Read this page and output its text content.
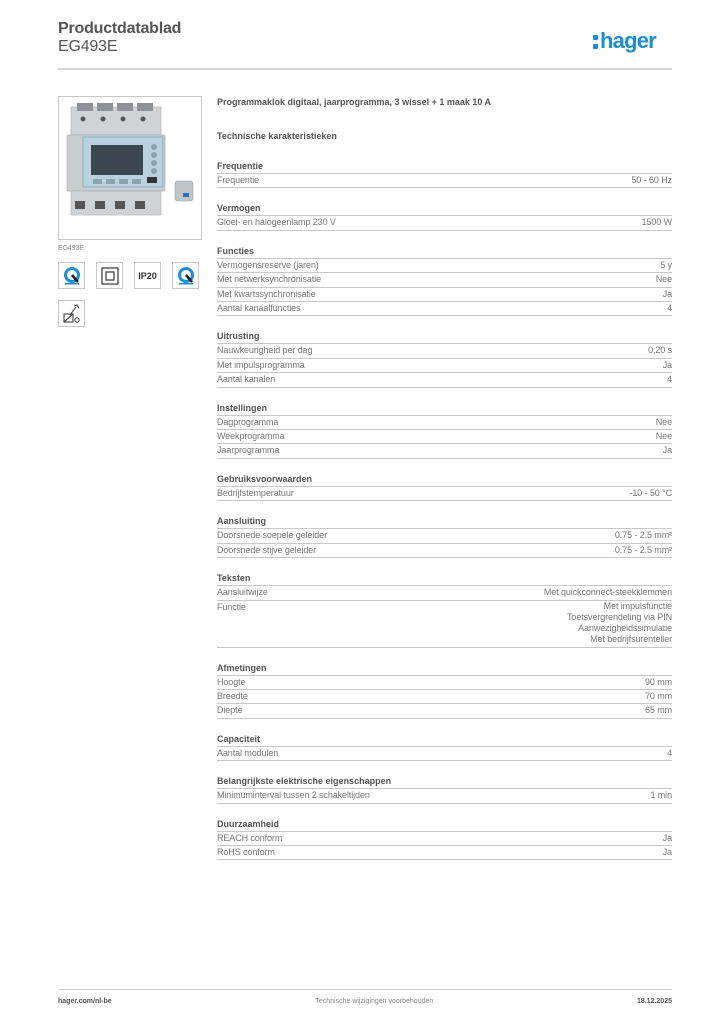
Productdatablad
EG493E	hager
EG493E
IP20
Programmaklok digitaal, jaarprogramma, 3 wissel + 1 maak 10 A
Technische karakteristieken
Frequentie
Frequentie	50 - 60 Hz
Vermogen
Gloei- en halogeenlamp 230 V	1500 W
Functies
Vermogensreserve (jaren)	5 y
Met netwerksynchronisatie	Nee
Met kwartssynchronisatie	Ja
Aantal kanaalfuncties	4
Uitrusting
Nauwkeurigheid per dag	0,20 s
Met impulsprogramma	Ja
Aantal kanalen	4
Instellingen
Dagprogramma	Nee
Weekprogramma	Nee
Jaarprogramma	Ja
Gebruiksvoorwaarden
Bedrijfstemperatuur	-10 - 50 °C
Aansluiting
Doorsnede soepele geleider	0.75 - 2.5 mm²
Doorsnede stijve geleider	0.75 - 2.5 mm²
Teksten
Aansluitwijze	Met quickconnect-steekklemmen
Functie	Met impulsfunctie
Toetsvergrendeling via PIN
Aanwezigheidssimulatie
Met bedrijfsurenteller
Afmetingen
Hoogte	90 mm
Breedte	70 mm
Diepte	65 mm
Capaciteit
Aantal modulen	4
Belangrijkste elektrische eigenschappen
Minimuminterval tussen 2 schakeltijden	1 min
Duurzaamheid
REACH conform	Ja
RoHS conform	Ja
hager.com/nl-be	Technische wijzigingen voorbehouden	18.12.2025
